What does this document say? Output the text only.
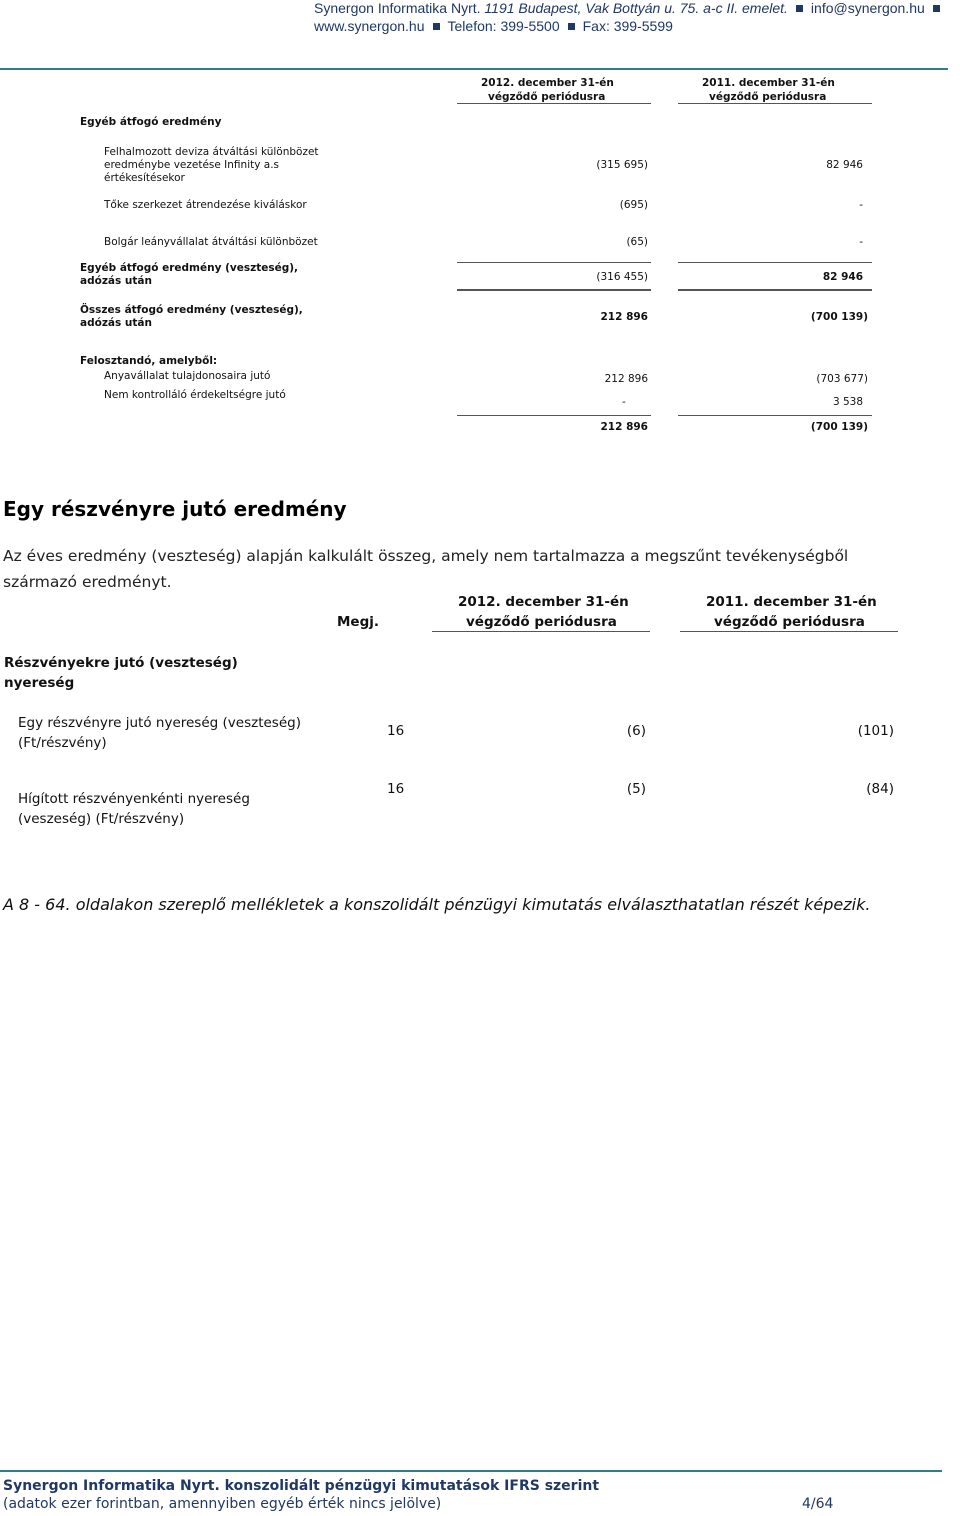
Synergon Informatika Nyrt. 1191 Budapest, Vak Bottyán u. 75. a-c II. emelet. info@synergon.hu
www.synergon.hu Telefon: 399-5500 Fax: 399-5599
2012. december 31-én
végződő periódusra
2011. december 31-én
végződő periódusra
Egyéb átfogó eredmény
Felhalmozott deviza átváltási különbözet
eredménybe vezetése Infinity a.s
értékesítésekor
(315 695)	82 946
Tőke szerkezet átrendezése kiváláskor	(695)	-
Bolgár leányvállalat átváltási különbözet	(65)	-
Egyéb átfogó eredmény (veszteség),
adózás után	(316 455)	82 946
Összes átfogó eredmény (veszteség),
adózás után	212 896	(700 139)
Felosztandó, amelyből:
Anyavállalat tulajdonosaira jutó	212 896	(703 677)
Nem kontrolláló érdekeltségre jutó
-	3 538
212 896	(700 139)
Egy részvényre jutó eredmény
Az éves eredmény (veszteség) alapján kalkulált összeg, amely nem tartalmazza a megszűnt tevékenységből
származó eredményt.
Megj.
2012. december 31-én
végződő periódusra
2011. december 31-én
végződő periódusra
Részvényekre jutó (veszteség)
nyereség
Egy részvényre jutó nyereség (veszteség)
(Ft/részvény)
16	(6)	(101)
Hígított részvényenkénti nyereség
(veszeség) (Ft/részvény)
16	(5)	(84)
A 8 - 64. oldalakon szereplő mellékletek a konszolidált pénzügyi kimutatás elválaszthatatlan részét képezik.
Synergon Informatika Nyrt. konszolidált pénzügyi kimutatások IFRS szerint
(adatok ezer forintban, amennyiben egyéb érték nincs jelölve)	4/64
